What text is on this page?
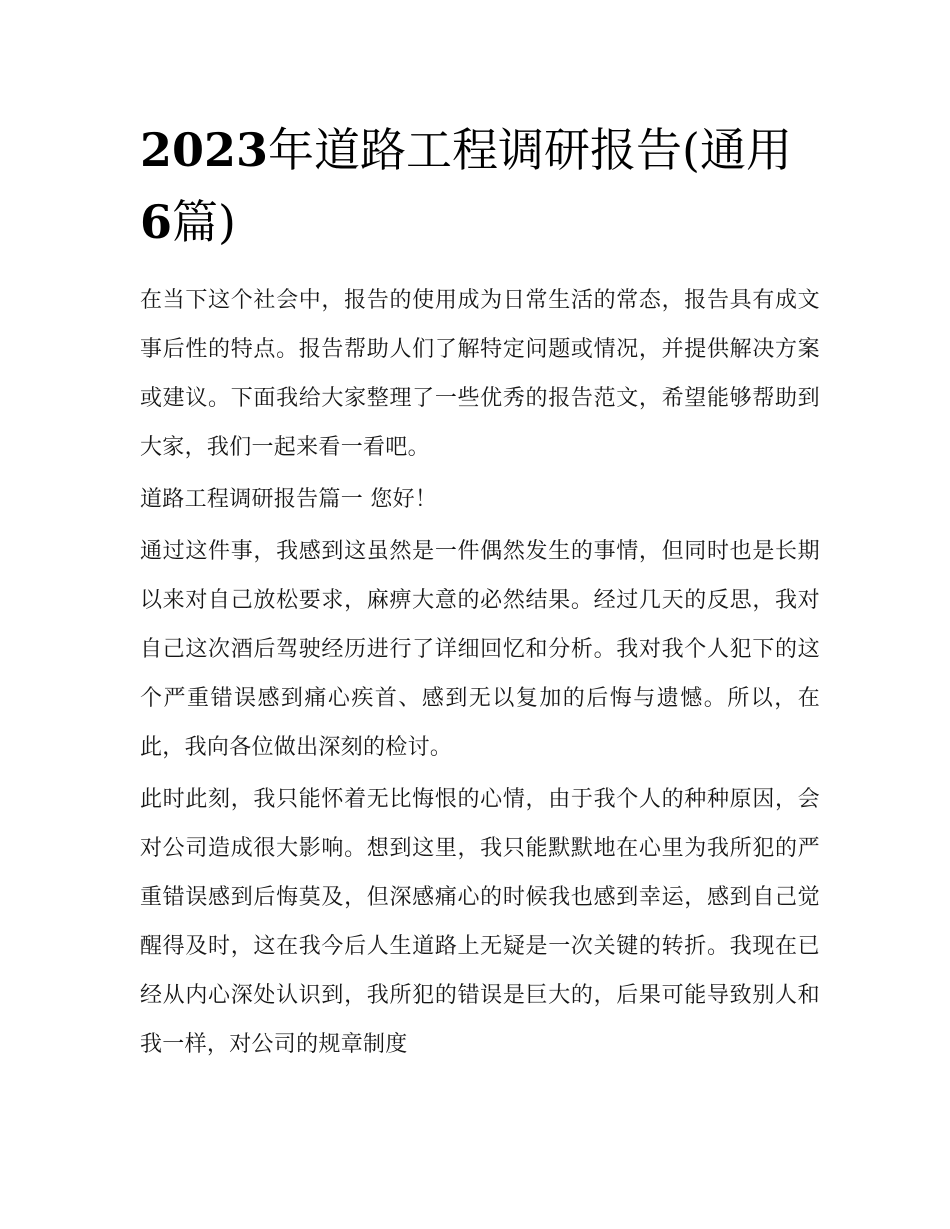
2023年道路工程调研报告(通用
6篇)

在当下这个社会中，报告的使用成为日常生活的常态，报告具有成文事后性的特点。报告帮助人们了解特定问题或情况，并提供解决方案或建议。下面我给大家整理了一些优秀的报告范文，希望能够帮助到大家，我们一起来看一看吧。

道路工程调研报告篇一 您好！

通过这件事，我感到这虽然是一件偶然发生的事情，但同时也是长期以来对自己放松要求，麻痹大意的必然结果。经过几天的反思，我对自己这次酒后驾驶经历进行了详细回忆和分析。我对我个人犯下的这个严重错误感到痛心疾首、感到无以复加的后悔与遗憾。所以，在此，我向各位做出深刻的检讨。

此时此刻，我只能怀着无比悔恨的心情，由于我个人的种种原因，会对公司造成很大影响。想到这里，我只能默默地在心里为我所犯的严重错误感到后悔莫及，但深感痛心的时候我也感到幸运，感到自己觉醒得及时，这在我今后人生道路上无疑是一次关键的转折。我现在已经从内心深处认识到，我所犯的错误是巨大的，后果可能导致别人和我一样，对公司的规章制度
